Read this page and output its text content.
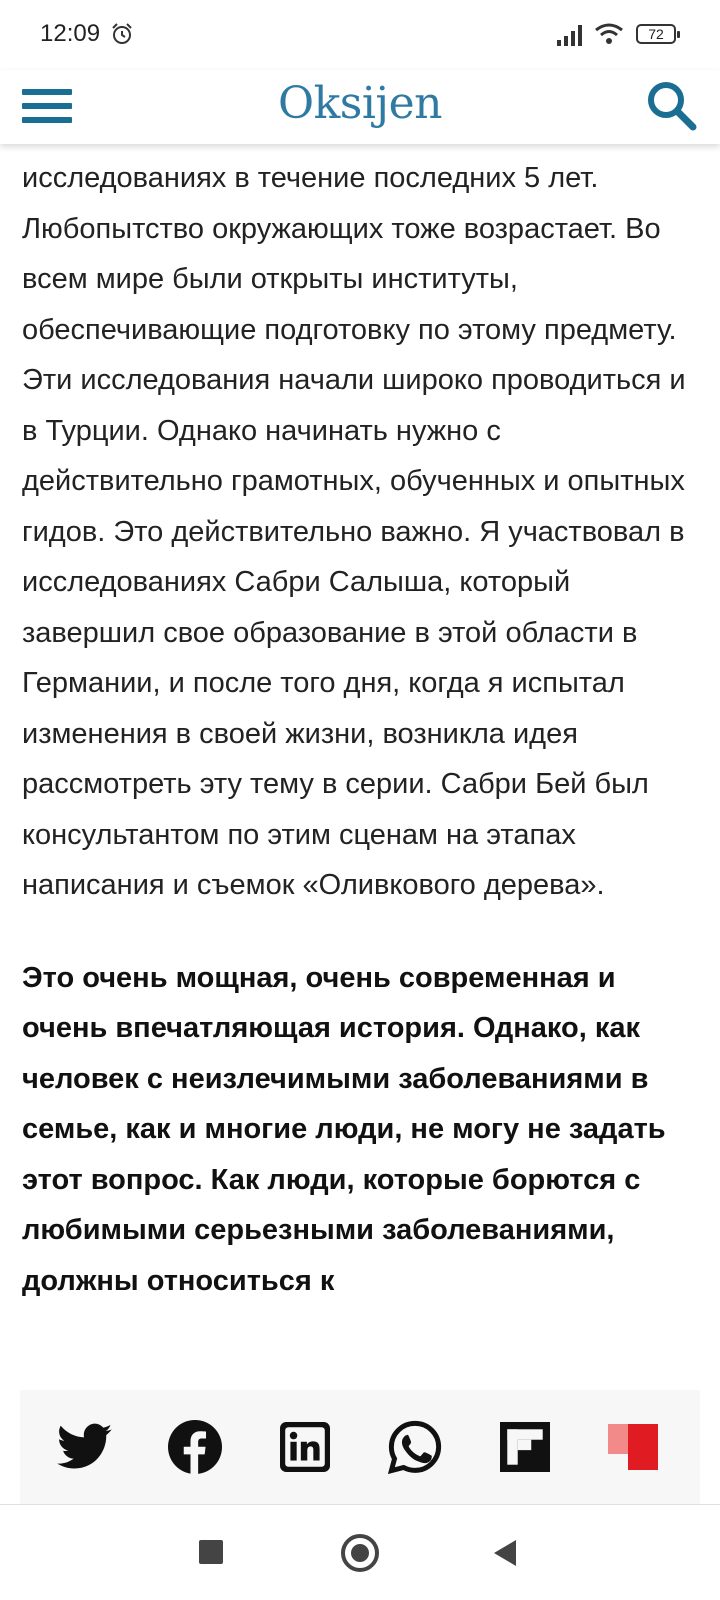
12:09	72
Oksijen

исследованиях в течение последних 5 лет. Любопытство окружающих тоже возрастает. Во всем мире были открыты институты, обеспечивающие подготовку по этому предмету. Эти исследования начали широко проводиться и в Турции. Однако начинать нужно с действительно грамотных, обученных и опытных гидов. Это действительно важно. Я участвовал в исследованиях Сабри Салыша, который завершил свое образование в этой области в Германии, и после того дня, когда я испытал изменения в своей жизни, возникла идея рассмотреть эту тему в серии. Сабри Бей был консультантом по этим сценам на этапах написания и съемок «Оливкового дерева».

Это очень мощная, очень современная и очень впечатляющая история. Однако, как человек с неизлечимыми заболеваниями в семье, как и многие люди, не могу не задать этот вопрос. Как люди, которые борются с любимыми серьезными заболеваниями, должны относиться к
